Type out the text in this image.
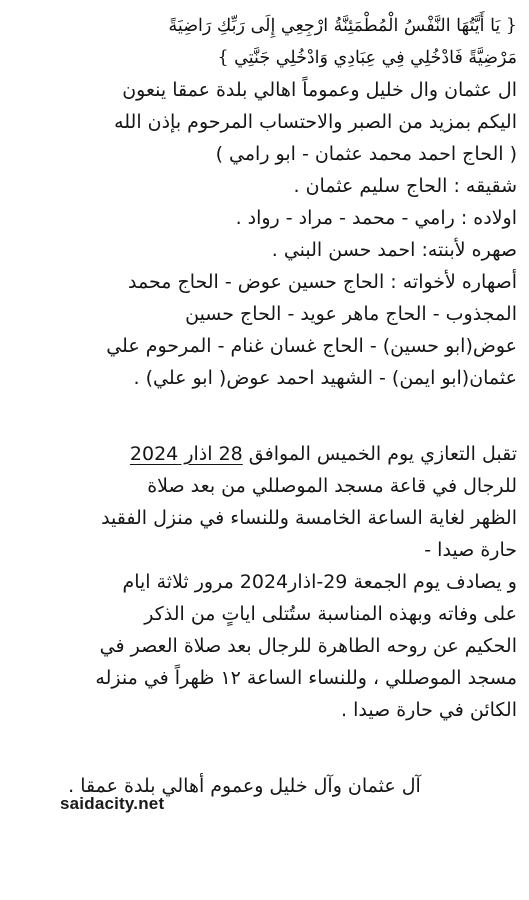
{ يَا أَيَّتُهَا النَّفْسُ الْمُطْمَئِنَّةُ ارْجِعِي إِلَى رَبِّكِ رَاضِيَةً
مَرْضِيَّةً فَادْخُلِي فِي عِبَادِي وَادْخُلِي جَنَّتِي }
ال عثمان وال خليل وعموماً اهالي بلدة عمقا ينعون
اليكم بمزيد من الصبر والاحتساب المرحوم بإذن الله
( الحاج احمد محمد عثمان - ابو رامي )
شقيقه : الحاج سليم عثمان .
اولاده : رامي - محمد - مراد - رواد .
صهره لأبنته: احمد حسن البني .
أصهاره لأخواته : الحاج حسين عوض - الحاج محمد
المجذوب - الحاج ماهر عويد - الحاج حسين
عوض(ابو حسين) - الحاج غسان غنام - المرحوم علي
عثمان(ابو ايمن) - الشهيد احمد عوض( ابو علي) .
تقبل التعازي يوم الخميس الموافق 28 اذار 2024
للرجال في قاعة مسجد الموصللي من بعد صلاة
الظهر لغاية الساعة الخامسة وللنساء في منزل الفقيد
حارة صيدا -
و يصادف يوم الجمعة 29-اذار2024 مرور ثلاثة ايام
على وفاته وبهذه المناسبة ستُتلى اياتٍ من الذكر
الحكيم عن روحه الطاهرة للرجال بعد صلاة العصر في
مسجد الموصللي ، وللنساء الساعة ١٢ ظهراً في منزله
الكائن في حارة صيدا .
آل عثمان وآل خليل وعموم أهالي بلدة عمقا .
saidacity.net
